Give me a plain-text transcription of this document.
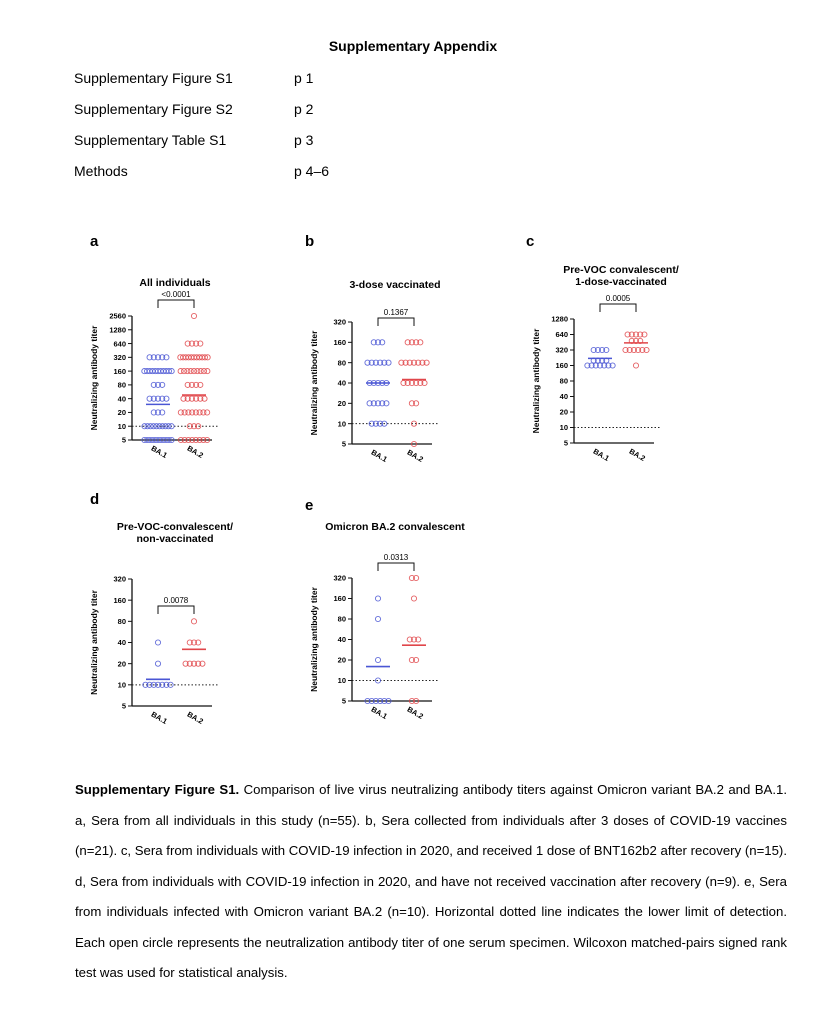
Supplementary Appendix
Supplementary Figure S1	p 1
Supplementary Figure S2	p 2
Supplementary Table S1	p 3
Methods	p 4–6
a	b	c
d	e
All individuals	3-dose vaccinated
Pre-VOC convalescent/
1-dose-vaccinated
Pre-VOC-convalescent/
non-vaccinated
Omicron BA.2 convalescent
Neutralizing antibody titer
5
10
20
40
80
160
320
640
1280
2560
BA.1 BA.2
<0.0001
Neutralizing antibody titer
5
10
20
40
80
160
320
BA.1 BA.2
0.1367
Neutralizing antibody titer
5
10
20
40
80
160
320
640
1280
BA.1 BA.2
0.0005
Neutralizing antibody titer
5
10
20
40
80
160
320
BA.1 BA.2
0.0078	Neutralizing antibody titer
5
10
20
40
80
160
320
BA.1 BA.2
0.0313
Supplementary Figure S1. Comparison of live virus neutralizing antibody titers against Omicron variant BA.2 and BA.1. a, Sera from all individuals in this study (n=55). b, Sera collected from individuals after 3 doses of COVID-19 vaccines (n=21). c, Sera from individuals with COVID-19 infection in 2020, and received 1 dose of BNT162b2 after recovery (n=15). d, Sera from individuals with COVID-19 infection in 2020, and have not received vaccination after recovery (n=9). e, Sera from individuals infected with Omicron variant BA.2 (n=10). Horizontal dotted line indicates the lower limit of detection. Each open circle represents the neutralization antibody titer of one serum specimen. Wilcoxon matched-pairs signed rank test was used for statistical analysis.
